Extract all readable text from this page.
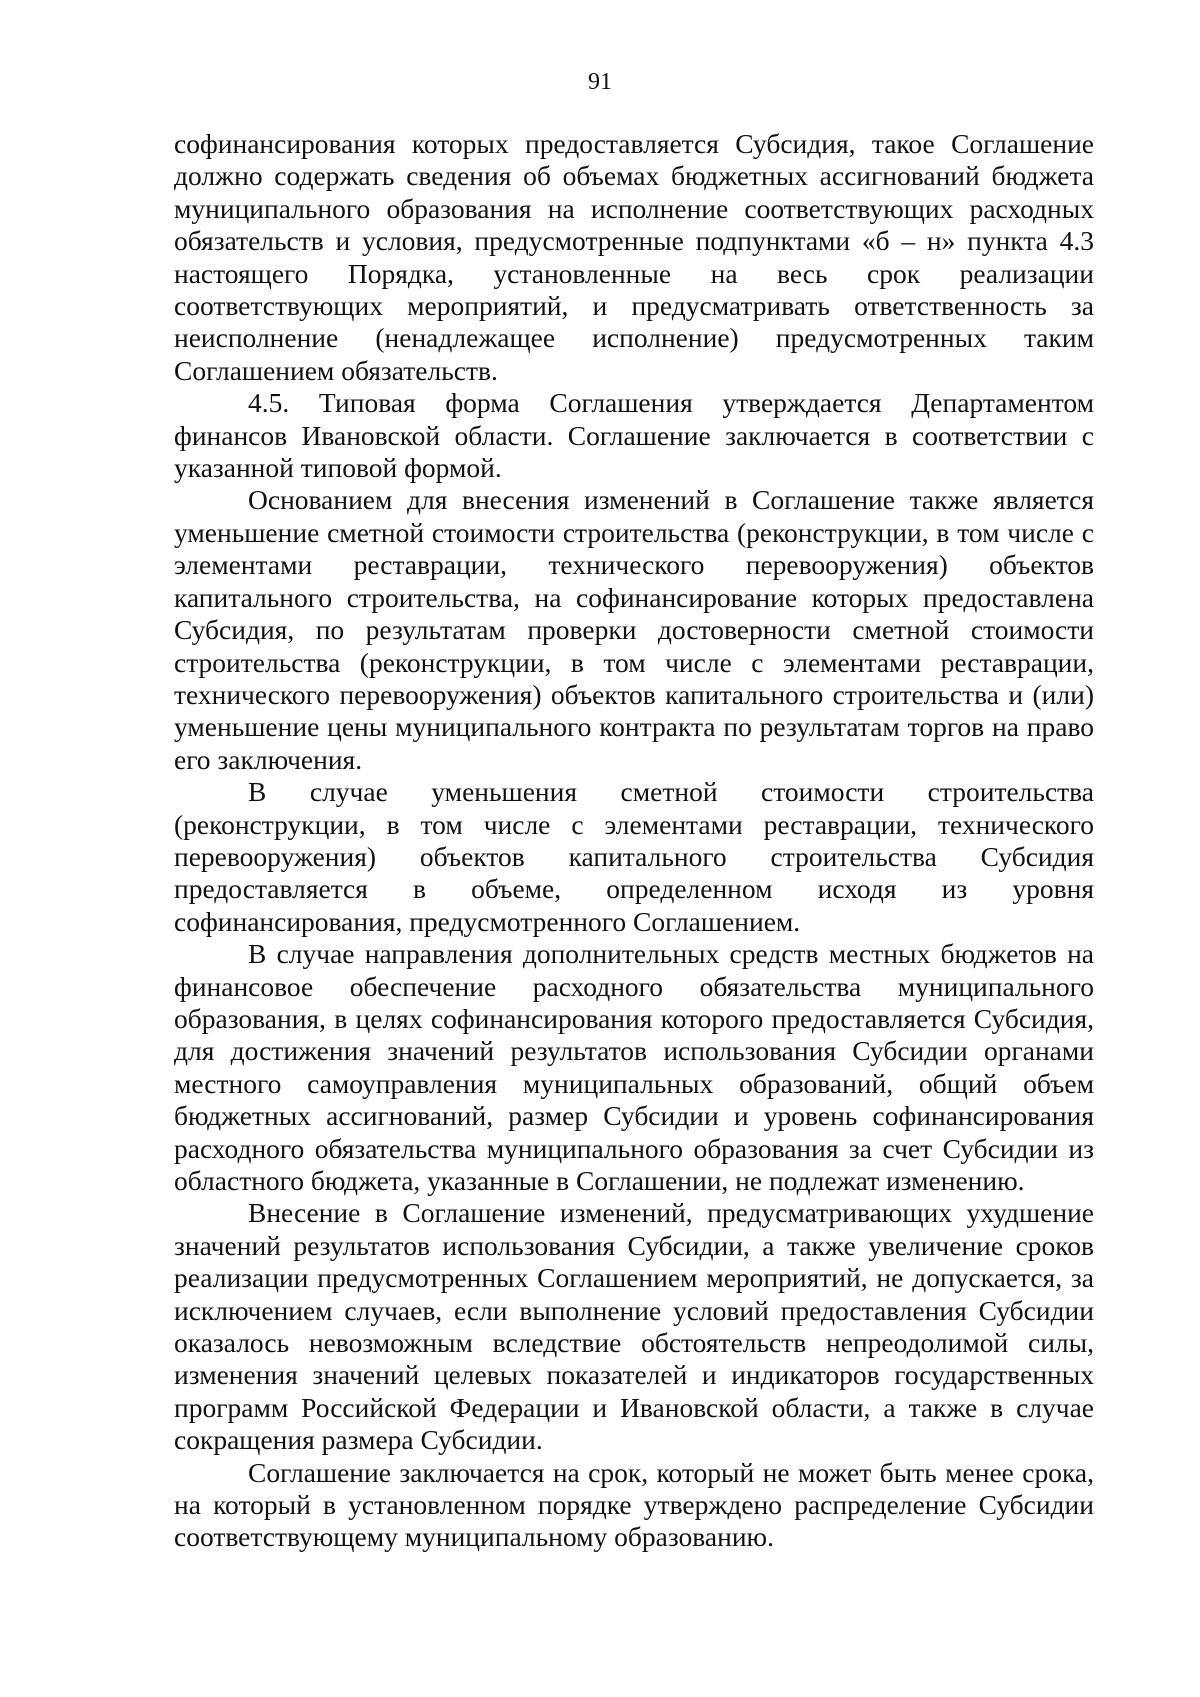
91

софинансирования которых предоставляется Субсидия, такое Соглашение должно содержать сведения об объемах бюджетных ассигнований бюджета муниципального образования на исполнение соответствующих расходных обязательств и условия, предусмотренные подпунктами «б – н» пункта 4.3 настоящего Порядка, установленные на весь срок реализации соответствующих мероприятий, и предусматривать ответственность за неисполнение (ненадлежащее исполнение) предусмотренных таким Соглашением обязательств.

4.5. Типовая форма Соглашения утверждается Департаментом финансов Ивановской области. Соглашение заключается в соответствии с указанной типовой формой.

Основанием для внесения изменений в Соглашение также является уменьшение сметной стоимости строительства (реконструкции, в том числе с элементами реставрации, технического перевооружения) объектов капитального строительства, на софинансирование которых предоставлена Субсидия, по результатам проверки достоверности сметной стоимости строительства (реконструкции, в том числе с элементами реставрации, технического перевооружения) объектов капитального строительства и (или) уменьшение цены муниципального контракта по результатам торгов на право его заключения.

В случае уменьшения сметной стоимости строительства (реконструкции, в том числе с элементами реставрации, технического перевооружения) объектов капитального строительства Субсидия предоставляется в объеме, определенном исходя из уровня софинансирования, предусмотренного Соглашением.

В случае направления дополнительных средств местных бюджетов на финансовое обеспечение расходного обязательства муниципального образования, в целях софинансирования которого предоставляется Субсидия, для достижения значений результатов использования Субсидии органами местного самоуправления муниципальных образований, общий объем бюджетных ассигнований, размер Субсидии и уровень софинансирования расходного обязательства муниципального образования за счет Субсидии из областного бюджета, указанные в Соглашении, не подлежат изменению.

Внесение в Соглашение изменений, предусматривающих ухудшение значений результатов использования Субсидии, а также увеличение сроков реализации предусмотренных Соглашением мероприятий, не допускается, за исключением случаев, если выполнение условий предоставления Субсидии оказалось невозможным вследствие обстоятельств непреодолимой силы, изменения значений целевых показателей и индикаторов государственных программ Российской Федерации и Ивановской области, а также в случае сокращения размера Субсидии.

Соглашение заключается на срок, который не может быть менее срока, на который в установленном порядке утверждено распределение Субсидии соответствующему муниципальному образованию.
